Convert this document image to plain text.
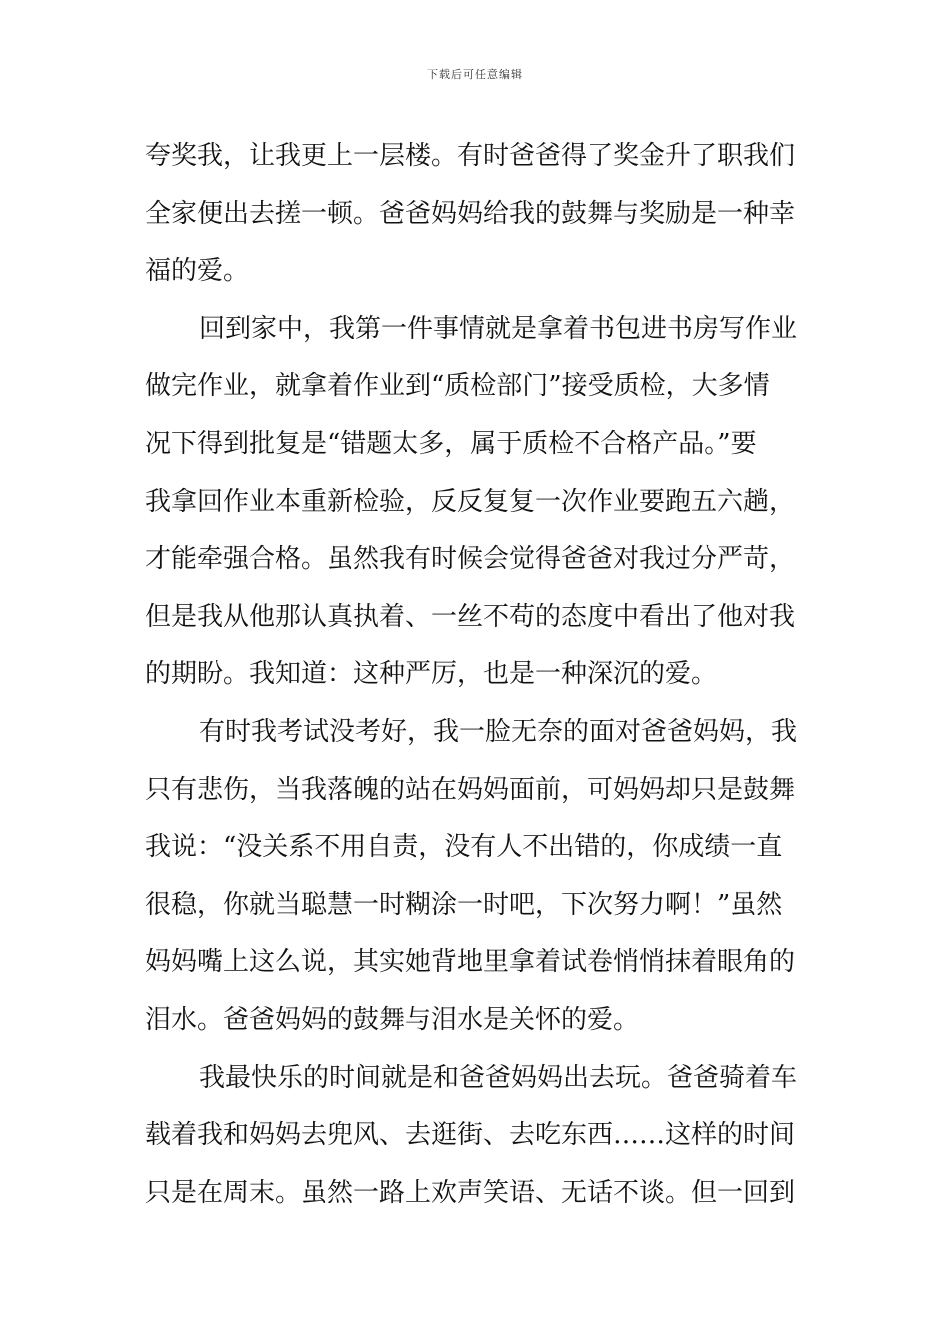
下载后可任意编辑
夸奖我，让我更上一层楼。有时爸爸得了奖金升了职我们
全家便出去搓一顿。爸爸妈妈给我的鼓舞与奖励是一种幸
福的爱。
回到家中，我第一件事情就是拿着书包进书房写作业
做完作业，就拿着作业到“质检部门”接受质检，大多情
况下得到批复是“错题太多，属于质检不合格产品。”要
我拿回作业本重新检验，反反复复一次作业要跑五六趟，
才能牵强合格。虽然我有时候会觉得爸爸对我过分严苛，
但是我从他那认真执着、一丝不苟的态度中看出了他对我
的期盼。我知道：这种严厉，也是一种深沉的爱。
有时我考试没考好，我一脸无奈的面对爸爸妈妈，我
只有悲伤，当我落魄的站在妈妈面前，可妈妈却只是鼓舞
我说：“没关系不用自责，没有人不出错的，你成绩一直
很稳，你就当聪慧一时糊涂一时吧，下次努力啊！”虽然
妈妈嘴上这么说，其实她背地里拿着试卷悄悄抹着眼角的
泪水。爸爸妈妈的鼓舞与泪水是关怀的爱。
我最快乐的时间就是和爸爸妈妈出去玩。爸爸骑着车
载着我和妈妈去兜风、去逛街、去吃东西……这样的时间
只是在周末。虽然一路上欢声笑语、无话不谈。但一回到
